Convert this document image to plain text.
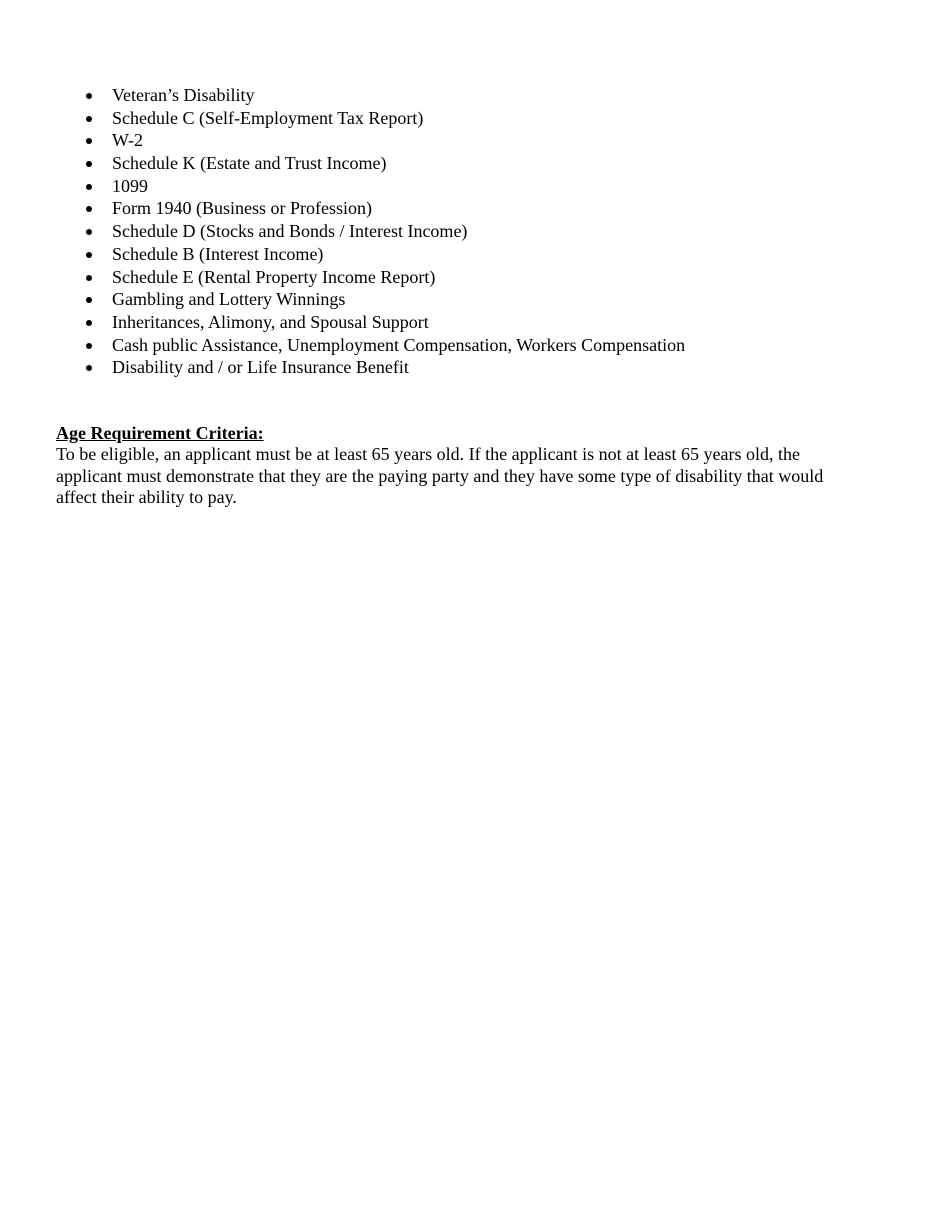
Veteran’s Disability
Schedule C (Self-Employment Tax Report)
W-2
Schedule K (Estate and Trust Income)
1099
Form 1940 (Business or Profession)
Schedule D (Stocks and Bonds / Interest Income)
Schedule B (Interest Income)
Schedule E (Rental Property Income Report)
Gambling and Lottery Winnings
Inheritances, Alimony, and Spousal Support
Cash public Assistance, Unemployment Compensation, Workers Compensation
Disability and / or Life Insurance Benefit

Age Requirement Criteria:

To be eligible, an applicant must be at least 65 years old. If the applicant is not at least 65 years old, the applicant must demonstrate that they are the paying party and they have some type of disability that would affect their ability to pay.
